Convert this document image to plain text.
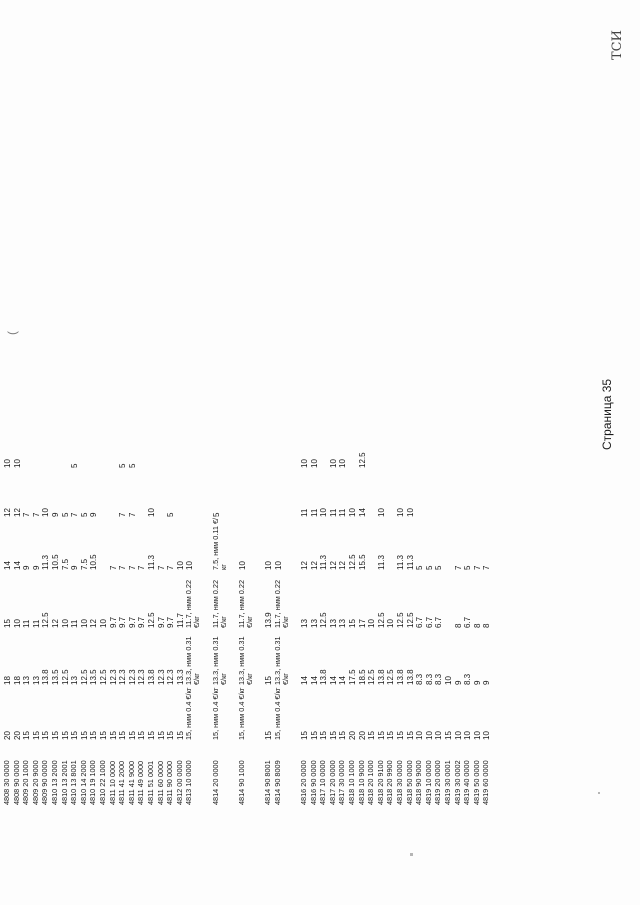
4808 30 0000
20
18
15
14
12
10
4808 90 0000
20
18
10
14
12
10
4809 20 1000
15
13
11
9
7
4809 20 9000
15
13
11
9
7
4809 90 0000
15
13.8
12.5
11.3
10
4810 13 2000
15
13.5
12
10.5
9
4810 13 2001
15
12.5
10
7.5
5
4810 13 8001
15
13
11
9
7
5
4810 14 2000
15
12.5
10
7.5
5
4810 19 1000
15
13.5
12
10.5
9
4810 22 1000
15
12.5
10
4811 10 0000
15
12.3
9.7
7
4811 41 2000
15
12.3
9.7
7
7
5
4811 41 9000
15
12.3
9.7
7
7
5
4811 49 0000
15
12.3
9.7
7
4811 51 0001
15
13.8
12.5
11.3
10
4811 60 0000
15
12.3
9.7
7
4811 90 0000
15
12.3
9.7
7
5
4812 00 0000
15
13.3
11.7
10
4813 10 0000
15, нмм 0.4 €/кг
13.3, нмм 0.31 €/кг
11.7, нмм 0.22 €/кг
10
4814 20 0000
15, нмм 0.4 €/кг
13.3, нмм 0.31 €/кг
11.7, нмм 0.22 €/кг
7.5, нмм 0.11 €/кг
5
4814 90 1000
15, нмм 0.4 €/кг
13.3, нмм 0.31 €/кг
11.7, нмм 0.22 €/кг
10
4814 90 8001
15
15
13.9
10
4814 90 8009
15, нмм 0.4 €/кг
13.3, нмм 0.31 €/кг
11.7, нмм 0.22 €/кг
10
4816 20 0000
15
14
13
12
11
10
4816 90 0000
15
14
13
12
11
10
4817 10 0000
15
13.8
12.5
11.3
10
4817 20 0000
15
14
13
12
11
10
4817 30 0000
15
14
13
12
11
10
4818 10 1000
20
17.5
15
12.5
10
4818 10 9000
20
18.5
17
15.5
14
12.5
4818 20 1000
15
12.5
10
4818 20 9100
15
13.8
12.5
11.3
10
4818 20 9900
15
12.5
10
4818 30 0000
15
13.8
12.5
11.3
10
4818 50 0000
15
13.8
12.5
11.3
10
4818 90 9000
10
8.3
6.7
5
4819 10 0000
10
8.3
6.7
5
4819 20 0000
10
8.3
6.7
5
4819 30 0001
15
10
4819 30 0002
10
9
8
7
4819 40 0000
10
8.3
6.7
5
4819 50 0000
10
9
8
7
4819 60 0000
10
9
8
7
Страница 35
ТСИ
(
